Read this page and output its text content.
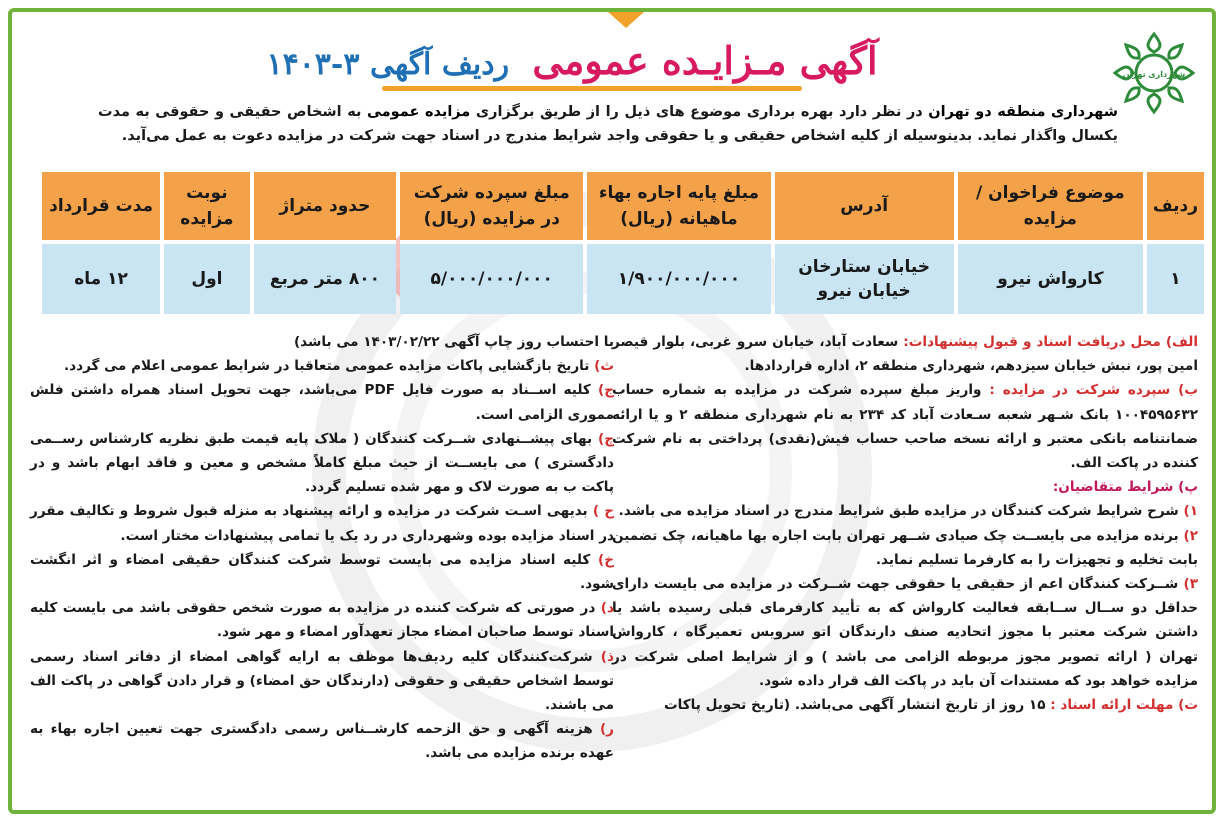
شهرداری تهران
آگهی مـزایـده عمومی ردیف آگهی ۳-۱۴۰۳
شهرداری منطقه دو تهران در نظر دارد بهره برداری موضوع های ذیل را از طریق برگزاری مزایده عمومی به اشخاص حقیقی و حقوقی به مدت یکسال واگذار نماید. بدینوسیله از کلیه اشخاص حقیقی و یا حقوقی واجد شرایط مندرج در اسناد جهت شرکت در مزایده دعوت به عمل می‌آید.
ردیف	موضوع فراخوان / مزایده	آدرس	مبلغ پایه اجاره بهاء ماهیانه (ریال)	مبلغ سپرده شرکت در مزایده (ریال)	حدود متراژ	نوبت مزایده	مدت قرارداد
۱	کارواش نیرو	خیابان ستارخان خیابان نیرو	۱/۹۰۰/۰۰۰/۰۰۰	۵/۰۰۰/۰۰۰/۰۰۰	۸۰۰ متر مربع	اول	۱۲ ماه

الف) محل دریافت اسناد و قبول پیشنهادات: سعادت آباد، خیابان سرو غربی، بلوار قیصر امین پور، نبش خیابان سیزدهم، شهرداری منطقه ۲، اداره قراردادها.

ب) سپرده شرکت در مزایده : واریز مبلغ سپرده شرکت در مزایده به شماره حساب ۱۰۰۴۵۹۵۶۳۲ بانک شـهر شعبه سـعادت آباد کد ۲۳۴ به نام شهرداری منطقه ۲ و یا ارائه ضمانتنامه بانکی معتبر و ارائه نسخه صاحب حساب فیش(نقدی) پرداختی به نام شرکت کننده در پاکت الف.

پ) شرایط متقاضیان:

۱) شرح شرایط شرکت کنندگان در مزایده طبق شرایط مندرج در اسناد مزایده می باشد.

۲) برنده مزایده می بایســت چک صیادی شــهر تهران بابت اجاره بها ماهیانه، چک تضمین بابت تخلیه و تجهیزات را به کارفرما تسلیم نماید.

۳) شــرکت کنندگان اعم از حقیقی یا حقوقی جهت شــرکت در مزایده می بایست دارای حداقل دو ســال ســابقه فعالیت کارواش که به تأیید کارفرمای قبلی رسیده باشد یا داشتن شرکت معتبر با مجوز اتحادیه صنف دارندگان اتو سرویس تعمیرگاه ، کارواش تهران ( ارائه تصویر مجوز مربوطه الزامی می باشد ) و از شرایط اصلی شرکت در مزایده خواهد بود که مستندات آن باید در پاکت الف قرار داده شود.

ت) مهلت ارائه اسناد : ۱۵ روز از تاریخ انتشار آگهی می‌باشد. (تاریخ تحویل پاکات

با احتساب روز چاپ آگهی ۱۴۰۳/۰۲/۲۲ می باشد)

ث) تاریخ بازگشایی پاکات مزایده عمومی متعاقبا در شرایط عمومی اعلام می گردد.

ج) کلیه اســناد به صورت فایل PDF می‌باشد، جهت تحویل اسناد همراه داشتن فلش مموری الزامی است.

چ) بهای پیشــنهادی شــرکت کنندگان ( ملاک پایه قیمت طبق نظریه کارشناس رســمی دادگستری ) می بایســت از حیث مبلغ کاملاً مشخص و معین و فاقد ابهام باشد و در پاکت ب به صورت لاک و مهر شده تسلیم گردد.

ح ) بدیهی اسـت شرکت در مزایده و ارائه پیشنهاد به منزله قبول شروط و تکالیف مقرر در اسناد مزایده بوده وشهرداری در رد یک یا تمامی پیشنهادات مختار است.

خ) کلیه اسناد مزایده می بایست توسط شرکت کنندگان حقیقی امضاء و اثر انگشت شود.

د) در صورتی که شرکت کننده در مزایده به صورت شخص حقوقی باشد می بایست کلیه اسناد توسط صاحبان امضاء مجاز تعهدآور امضاء و مهر شود.

ذ) شرکت‌کنندگان کلیه ردیف‌ها موظف به ارایه گواهی امضاء از دفاتر اسناد رسمی توسط اشخاص حقیقی و حقوقی (دارندگان حق امضاء) و قرار دادن گواهی در پاکت الف می باشند.

ر) هزینه آگهی و حق الزحمه کارشــناس رسمی دادگستری جهت تعیین اجاره بهاء به عهده برنده مزایده می باشد.
